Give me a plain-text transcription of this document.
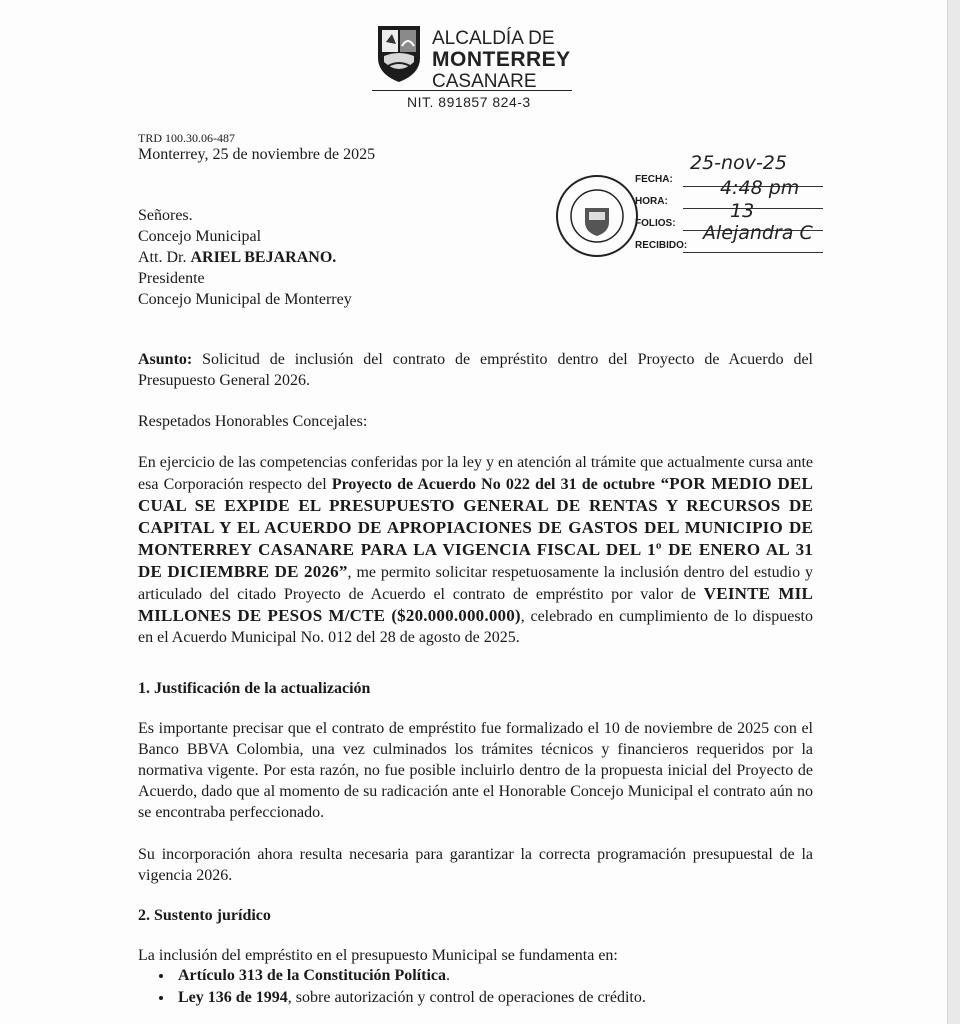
ALCALDÍA DE
MONTERREY
CASANARE
NIT. 891857 824-3
TRD 100.30.06-487
Monterrey, 25 de noviembre de 2025
FECHA:
25-nov-25
HORA:
4:48 pm
FOLIOS:
13
RECIBIDO:
Alejandra C
Señores.
Concejo Municipal
Att. Dr. ARIEL BEJARANO.
Presidente
Concejo Municipal de Monterrey
Asunto: Solicitud de inclusión del contrato de empréstito dentro del Proyecto de Acuerdo del Presupuesto General 2026.
Respetados Honorables Concejales:
En ejercicio de las competencias conferidas por la ley y en atención al trámite que actualmente cursa ante esa Corporación respecto del Proyecto de Acuerdo No 022 del 31 de octubre “POR MEDIO DEL CUAL SE EXPIDE EL PRESUPUESTO GENERAL DE RENTAS Y RECURSOS DE CAPITAL Y EL ACUERDO DE APROPIACIONES DE GASTOS DEL MUNICIPIO DE MONTERREY CASANARE PARA LA VIGENCIA FISCAL DEL 1º DE ENERO AL 31 DE DICIEMBRE DE 2026”, me permito solicitar respetuosamente la inclusión dentro del estudio y articulado del citado Proyecto de Acuerdo el contrato de empréstito por valor de VEINTE MIL MILLONES DE PESOS M/CTE ($20.000.000.000), celebrado en cumplimiento de lo dispuesto en el Acuerdo Municipal No. 012 del 28 de agosto de 2025.
1. Justificación de la actualización
Es importante precisar que el contrato de empréstito fue formalizado el 10 de noviembre de 2025 con el Banco BBVA Colombia, una vez culminados los trámites técnicos y financieros requeridos por la normativa vigente. Por esta razón, no fue posible incluirlo dentro de la propuesta inicial del Proyecto de Acuerdo, dado que al momento de su radicación ante el Honorable Concejo Municipal el contrato aún no se encontraba perfeccionado.
Su incorporación ahora resulta necesaria para garantizar la correcta programación presupuestal de la vigencia 2026.
2. Sustento jurídico
La inclusión del empréstito en el presupuesto Municipal se fundamenta en:
• Artículo 313 de la Constitución Política.
• Ley 136 de 1994, sobre autorización y control de operaciones de crédito.
